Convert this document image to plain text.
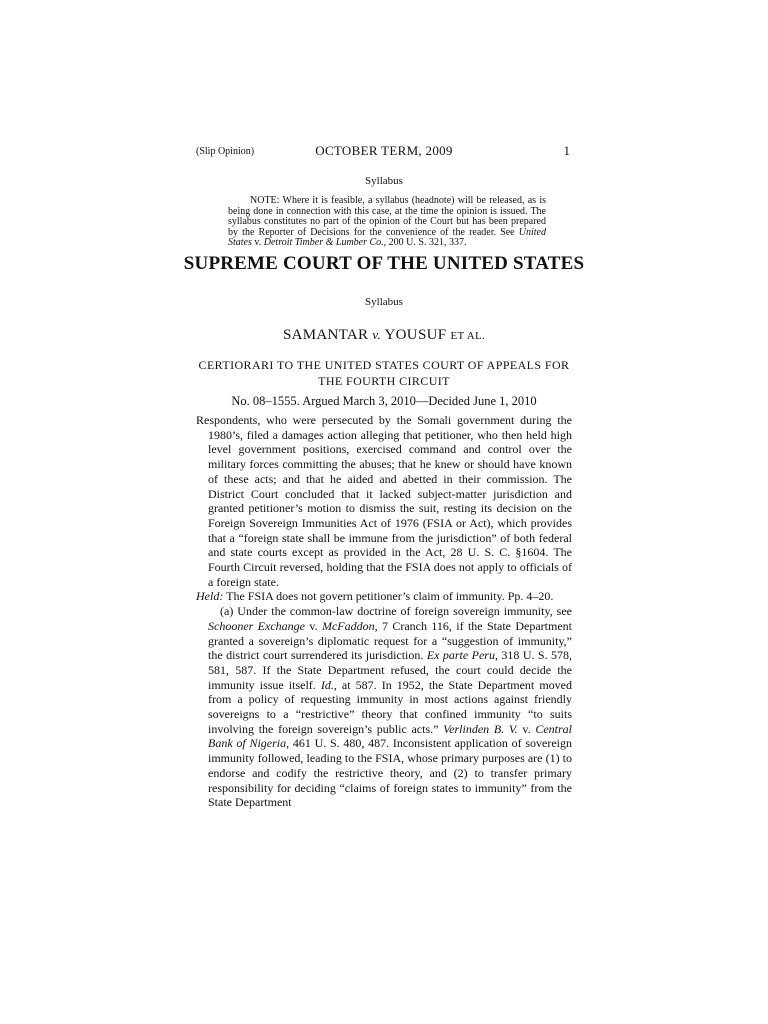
(Slip Opinion)	OCTOBER TERM, 2009	1
Syllabus
NOTE: Where it is feasible, a syllabus (headnote) will be released, as is being done in connection with this case, at the time the opinion is issued. The syllabus constitutes no part of the opinion of the Court but has been prepared by the Reporter of Decisions for the convenience of the reader. See United States v. Detroit Timber & Lumber Co., 200 U. S. 321, 337.
SUPREME COURT OF THE UNITED STATES
Syllabus
SAMANTAR v. YOUSUF ET AL.
CERTIORARI TO THE UNITED STATES COURT OF APPEALS FOR THE FOURTH CIRCUIT
No. 08–1555. Argued March 3, 2010—Decided June 1, 2010

Respondents, who were persecuted by the Somali government during the 1980’s, filed a damages action alleging that petitioner, who then held high level government positions, exercised command and control over the military forces committing the abuses; that he knew or should have known of these acts; and that he aided and abetted in their commission. The District Court concluded that it lacked subject-matter jurisdiction and granted petitioner’s motion to dismiss the suit, resting its decision on the Foreign Sovereign Immunities Act of 1976 (FSIA or Act), which provides that a “foreign state shall be immune from the jurisdiction” of both federal and state courts except as provided in the Act, 28 U. S. C. §1604. The Fourth Circuit reversed, holding that the FSIA does not apply to officials of a foreign state.

Held: The FSIA does not govern petitioner’s claim of immunity. Pp. 4–20.

(a) Under the common-law doctrine of foreign sovereign immunity, see Schooner Exchange v. McFaddon, 7 Cranch 116, if the State Department granted a sovereign’s diplomatic request for a “suggestion of immunity,” the district court surrendered its jurisdiction. Ex parte Peru, 318 U. S. 578, 581, 587. If the State Department refused, the court could decide the immunity issue itself. Id., at 587. In 1952, the State Department moved from a policy of requesting immunity in most actions against friendly sovereigns to a “restrictive” theory that confined immunity “to suits involving the foreign sovereign’s public acts.” Verlinden B. V. v. Central Bank of Nigeria, 461 U. S. 480, 487. Inconsistent application of sovereign immunity followed, leading to the FSIA, whose primary purposes are (1) to endorse and codify the restrictive theory, and (2) to transfer primary responsibility for deciding “claims of foreign states to immunity” from the State Department
